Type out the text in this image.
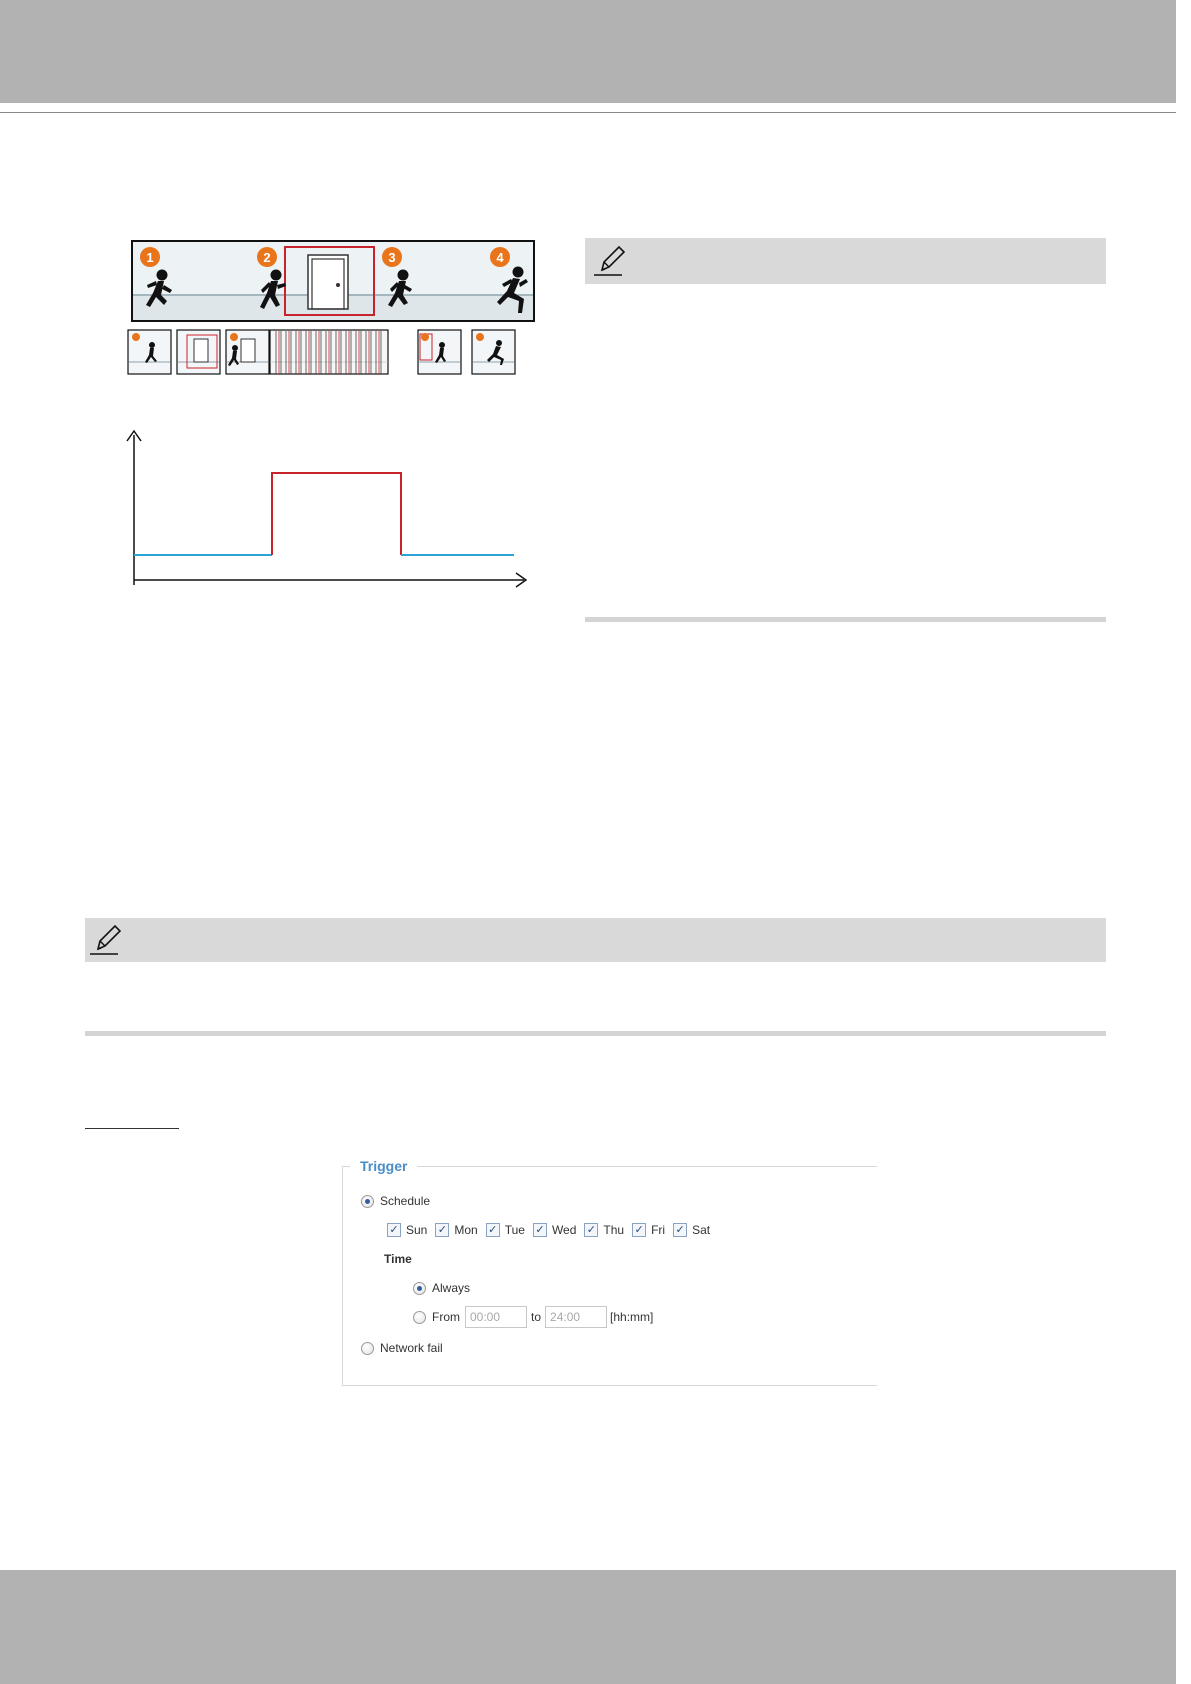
1	2	3	4
Trigger
Schedule
✓ Sun ✓ Mon ✓ Tue ✓ Wed ✓ Thu ✓ Fri ✓ Sat
Time
Always
From 00:00	to 24:00	[hh:mm]
Network fail
